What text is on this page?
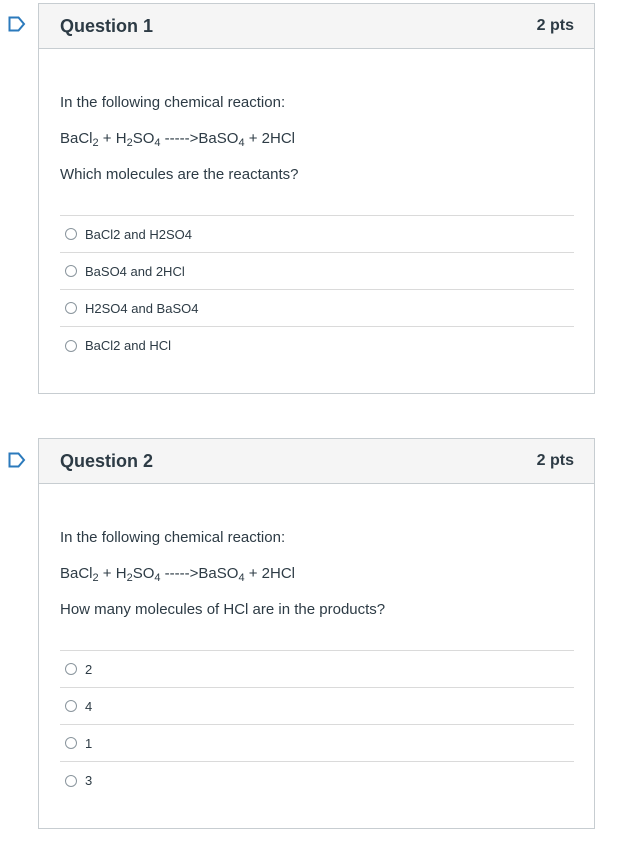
Question 1	2 pts

In the following chemical reaction:

BaCl$_2$ + $H_2SO_4$ ----->BaSO$_4$ + 2HCl

Which molecules are the reactants?

BaCl2 and H2SO4
BaSO4 and 2HCl
H2SO4 and BaSO4
BaCl2 and HCl
Question 2	2 pts

In the following chemical reaction:

BaCl$_2$ + $H_2SO_4$ ----->BaSO$_4$ + 2HCl

How many molecules of HCl are in the products?

2
4
1
3
